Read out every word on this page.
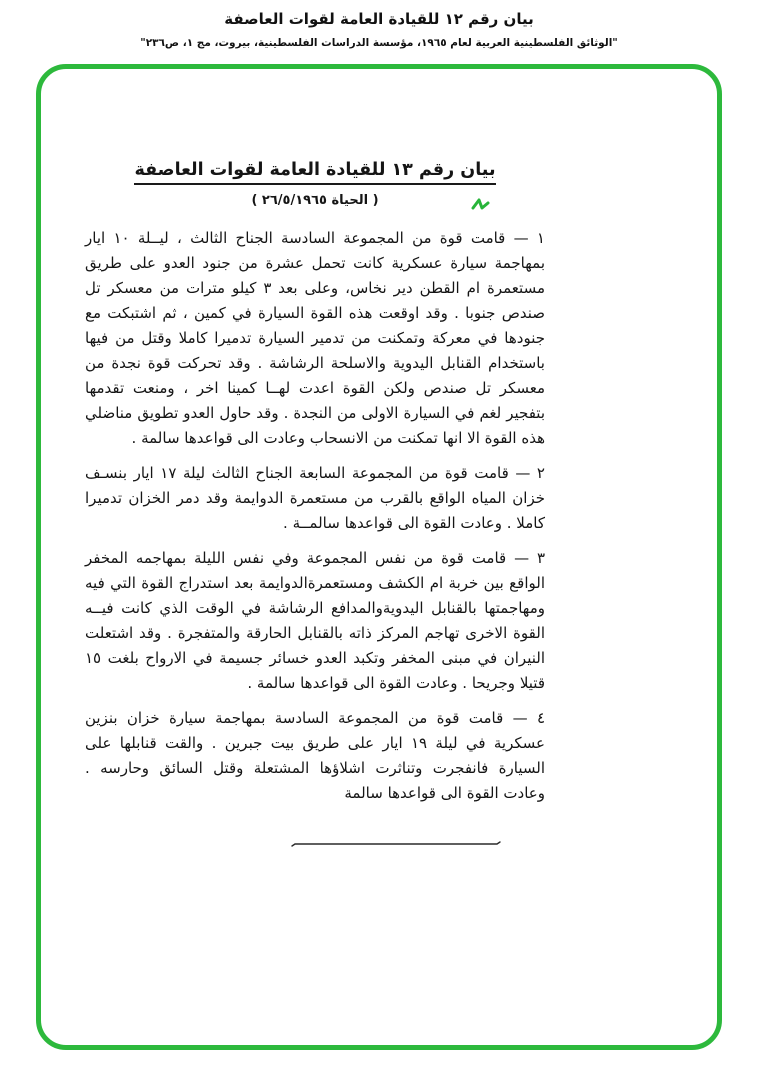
بيان رقم ١٢ للقيادة العامة لقوات العاصفة
"الوثائق الفلسطينية العربية لعام ١٩٦٥، مؤسسة الدراسات الفلسطينية، بيروت، مج ١، ص٢٣٦"
بيان رقم ١٣ للقيادة العامة لقوات العاصفة
( الحياة ٢٦/٥/١٩٦٥ )

١ — قامت قوة من المجموعة السادسة الجناح الثالث ، ليــلة ١٠ ايار بمهاجمة سيارة عسكرية كانت تحمل عشرة من جنود العدو على طريق مستعمرة ام القطن دير نخاس، وعلى بعد ٣ كيلو مترات من معسكر تل صندص جنوبا . وقد اوقعت هذه القوة السيارة في كمين ، ثم اشتبكت مع جنودها في معركة وتمكنت من تدمير السيارة تدميرا كاملا وقتل من فيها باستخدام القنابل اليدوية والاسلحة الرشاشة . وقد تحركت قوة نجدة من معسكر تل صندص ولكن القوة اعدت لهــا كمينا اخر ، ومنعت تقدمها بتفجير لغم في السيارة الاولى من النجدة . وقد حاول العدو تطويق مناضلي هذه القوة الا انها تمكنت من الانسحاب وعادت الى قواعدها سالمة .

٢ — قامت قوة من المجموعة السابعة الجناح الثالث ليلة ١٧ ايار بنسـف خزان المياه الواقع بالقرب من مستعمرة الدوايمة وقد دمر الخزان تدميرا كاملا . وعادت القوة الى قواعدها سالمــة .

٣ — قامت قوة من نفس المجموعة وفي نفس الليلة بمهاجمه المخفر الواقع بين خربة ام الكشف ومستعمرةالدوايمة بعد استدراج القوة التي فيه ومهاجمتها بالقنابل اليدويةوالمدافع الرشاشة في الوقت الذي كانت فيــه القوة الاخرى تهاجم المركز ذاته بالقنابل الحارقة والمتفجرة . وقد اشتعلت النيران في مبنى المخفر وتكبد العدو خسائر جسيمة في الارواح بلغت ١٥ قتيلا وجريحا . وعادت القوة الى قواعدها سالمة .

٤ — قامت قوة من المجموعة السادسة بمهاجمة سيارة خزان بنزين عسكرية في ليلة ١٩ ايار على طريق بيت جبرين . والقت قنابلها على السيارة فانفجرت وتناثرت اشلاؤها المشتعلة وقتل السائق وحارسه . وعادت القوة الى قواعدها سالمة
